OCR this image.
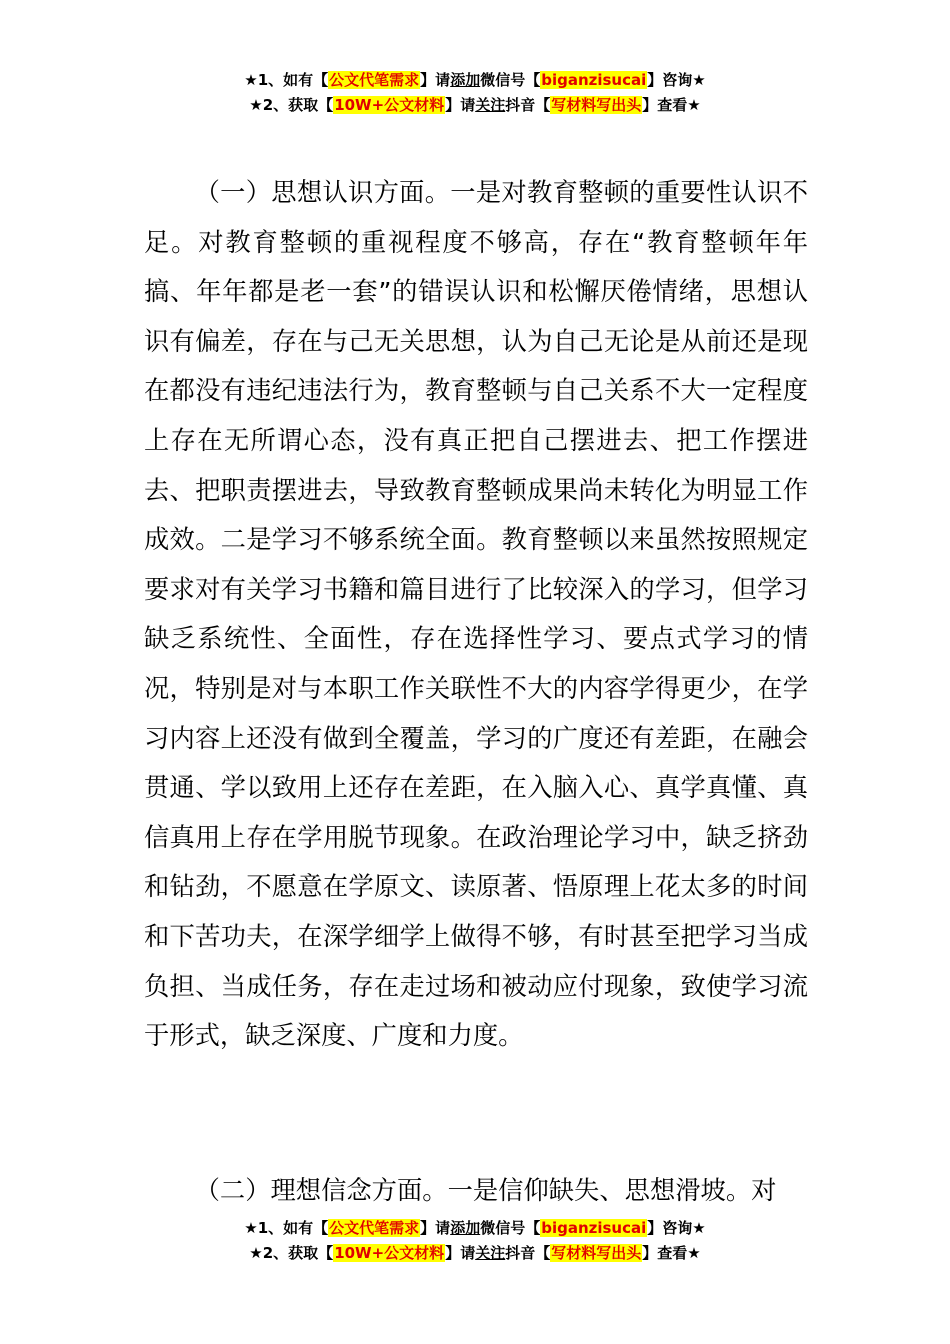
★1、如有【公文代笔需求】请添加微信号【biganzisucai】咨询★
★2、获取【10W+公文材料】请关注抖音【写材料写出头】查看★

（一）思想认识方面。一是对教育整顿的重要性认识不足。对教育整顿的重视程度不够高，存在“教育整顿年年搞、年年都是老一套”的错误认识和松懈厌倦情绪，思想认识有偏差，存在与己无关思想，认为自己无论是从前还是现在都没有违纪违法行为，教育整顿与自己关系不大一定程度上存在无所谓心态，没有真正把自己摆进去、把工作摆进去、把职责摆进去，导致教育整顿成果尚未转化为明显工作成效。二是学习不够系统全面。教育整顿以来虽然按照规定要求对有关学习书籍和篇目进行了比较深入的学习，但学习缺乏系统性、全面性，存在选择性学习、要点式学习的情况，特别是对与本职工作关联性不大的内容学得更少，在学习内容上还没有做到全覆盖，学习的广度还有差距，在融会贯通、学以致用上还存在差距，在入脑入心、真学真懂、真信真用上存在学用脱节现象。在政治理论学习中，缺乏挤劲和钻劲，不愿意在学原文、读原著、悟原理上花太多的时间和下苦功夫，在深学细学上做得不够，有时甚至把学习当成负担、当成任务，存在走过场和被动应付现象，致使学习流于形式，缺乏深度、广度和力度。

（二）理想信念方面。一是信仰缺失、思想滑坡。对

★1、如有【公文代笔需求】请添加微信号【biganzisucai】咨询★
★2、获取【10W+公文材料】请关注抖音【写材料写出头】查看★
